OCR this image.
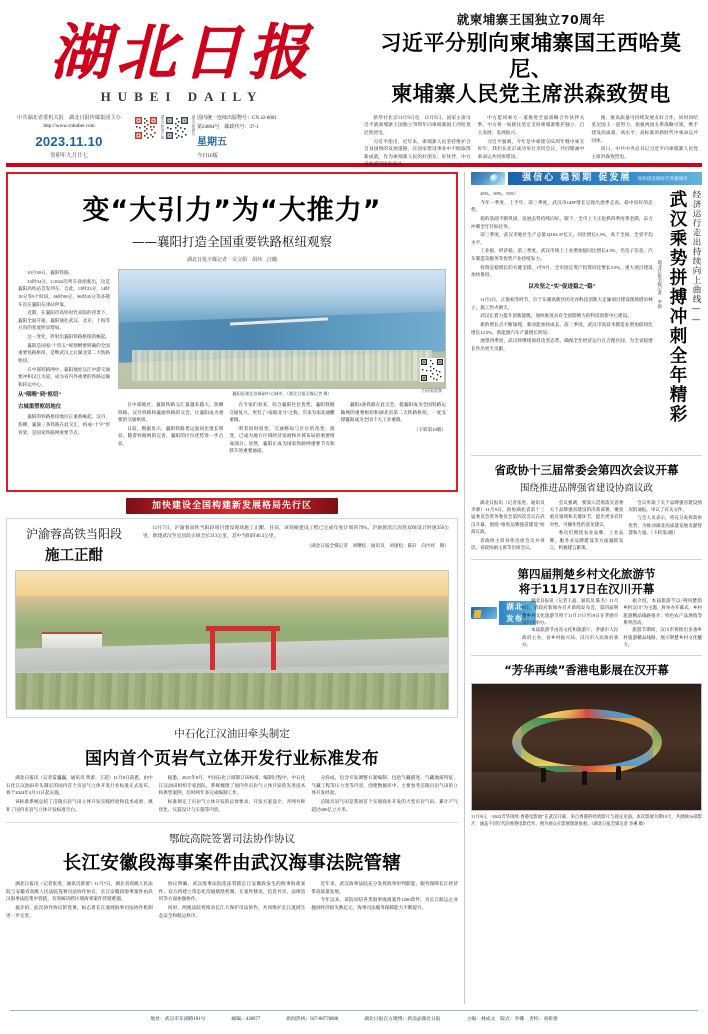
湖北日报
HUBEI DAILY
中共湖北省委机关报　湖北日报传媒集团主办
http://www.cnhubei.com
2023.11.10
癸卯年九月廿七
湖北日报客户端	湖北日报微信 国内统一连续出版物号：CN 42-0001
第24064号　邮政代号：37-1
星期五
今日16版
就柬埔寨王国独立70周年
习近平分别向柬埔寨国王西哈莫尼、
柬埔寨人民党主席洪森致贺电

新华社北京11月9日电　11月9日，国家主席习近平就柬埔寨王国独立70周年向柬埔寨国王西哈莫尼致贺电。

习近平指出，近年来，柬埔寨人民坚持维护合自身国情的发展道路，在国家建设事业中不断取得新成就，作为柬埔寨人民的好朋友、好伙伴，中方对此感到由衷高兴。

中方愿同柬方一道推进全面战略合作伙伴关系，中方将一如既往坚定支持柬埔寨维护独立、自主发展、发展振兴。

习近平强调，今年是中柬建交65周年暨中柬友好年，我们在北京成功举行亲切会议，共同擘画中柬命运共同体建设。

图，推高质量可持续发展友好合作，同时同哈莫尼国王一道努力，加强两国关系战略引领，携手建设高质量、高水平、高标准的新时代中柬命运共同体。

同日，中共中央总书记习近平向柬埔寨人民党主席洪森致贺电。

变“大引力”为“大推力”
——襄阳打造全国重要铁路枢纽观察
湖北日报全媒记者　吴文娟　胡祎　汪璐

10月30日，襄阳铁路。

13时34分，G1042次列车徐徐驶出，这是襄阳高铁站首发列车。自此，13时23分、14时18分等9个时段，06时08分、06时45分等多趟车次在襄阳东津站停靠。

近期，在襄阳市高铁时代来临的背景下，襄阳全面开通，襄阳通往武汉、北京、上海等方向的客流明显增加。

这一变化，折射出襄阳铁路枢纽的崛起。

襄阳是国家“十四五”规划纲要明确的全国重要铁路枢纽，是继武汉之后湖北第二大铁路枢纽。

在中部铁路网中，襄阳地处汉江中游交通要冲和汉江水道，成为省内外重要的铁路运输和转运中心。

从“咽喉”到“枢纽”
古城重塑枢纽地位

襄阳的铁路枢纽地位正重新崛起。汉丹、焦柳、襄渝三条铁路在此交汇，构成“十字”形骨架，是国家铁路网重要节点。

襄阳是湖北省域副中心城市。（湖北日报全媒记者 摄）

在中部地区，襄阳铁路交汇量越来越大。焦柳铁路、汉丹铁路和襄渝铁路的交会，让襄阳成为重要的交通枢纽。

日前，数据显示，襄阳铁路货运量同比增长明显。随着铁路网的完善，襄阳的区位优势进一步凸显。

在专家们看来，综合襄阳区位优势，襄阳铁路交通复兴，更有了“南船北马”之称，历来为南北通衢重镇。

明者因时而变，交通格局与区位的改变、演变，已成为地方区域经济发展和区域布局的重要组成部分。显然，襄阳正成为国家铁路网重要节点和跃升的重要通道。

襄阳3条铁路在此交会，使襄阳成为全国铁路运输网的重要枢纽和湖北省第二大铁路枢纽，一度支撑襄阳成为全国十大工业重镇。

（下转第10版）
扫码看视频
加快建设全国构建新发展格局先行区
沪渝蓉高铁当阳段
施工正酣

11月7日，沪渝蓉高铁当阳段项目建设现场施工正酣。目前，该铁路建设工程已完成年度计划的79%。沪渝蓉沿江高铁双线设计时速350公里，新建武汉至宜昌段正线全长313公里，其中当阳段46.3公里。

（湖北日报全媒记者　刘曙松　通讯员　刘康松　陈轩　向沙祥　摄）
中石化江汉油田牵头制定
国内首个页岩气立体开发行业标准发布

湖北日报讯（记者雷巍巍、通讯员 黄蕾、王超）11月8日获悉，由中石化江汉油田牵头制定的国内首个页岩气立体开发行业标准正式发布，将于2024年4月11日起实施。

该标准系统总结了涪陵页岩气田立体开发实践经验和技术成果，填补了国内页岩气立体开发标准空白。

据悉，2021年8月，中国石化立项制订该标准。编制过程中，中石化江汉油田组织专家团队，系统梳理了国内外页岩气立体开发的先进技术和典型案例，历时两年多完成编制工作。

标准规定了页岩气立体开发的总体要求、开发方案设计、井网井距优化、压裂设计与实施等内容。

分段成，包含开发调整方案编制、包括气藏描述、气藏地质特征、气藏工程等压力变等内容，创建数据库中，主要参考涪陵页岩气田的立体开发经验。

涪陵页岩气田是我国首个实现商业开发的大型页岩气田，累计产气超过600亿立方米。

鄂皖高院签署司法协作协议
长江安徽段海事案件由武汉海事法院管辖

湖北日报讯（记者张进、通讯员蔡蕾）11月7日，湖北省高级人民法院与安徽省高级人民法院签署司法协作协议，长江安徽段海事案件由武汉海事法院集中管辖，有效解决跨区域海事案件管辖难题。

据介绍，此次协作协议的签署，标志着长江流域海事司法协作机制进一步完善。

协议明确，武汉海事法院依法管辖长江安徽段发生的海事海商案件。双方将建立常态化沟通联络机制，在案件移送、信息共享、法律适用等方面加强协作。

同时，两地法院将推动长江大保护司法协作，共同维护长江流域生态安全和航运秩序。

近年来，武汉海事法院充分发挥海事审判职能，服务保障长江经济带高质量发展。

今年以来，该院审结各类海事海商案件1200余件，为长江航运企业挽回经济损失数亿元，海事司法服务保障能力不断提升。

强信心 稳预期 促发展 加快建设新时代英雄城市

45%、50%、55%！

今年一季度、上半年、前三季度，武汉市GDP增长呈现出逐季走高、稳中向好的态势。

稳的基础不断巩固，发展态势持续向好。眼下，全市上下正抢抓四季度黄金期，奋力冲刺全年目标任务。

前三季度，武汉市地区生产总值14163.37亿元，同比增长5.5%，高于全国、全省平均水平。

工业稳，经济稳。前三季度，武汉市规上工业增加值同比增长4.5%，光电子信息、汽车制造及服务等优势产业持续发力。

投资是稳增长的关键支撑。1至9月，全市固定资产投资同比增长3.5%，重大项目建设加快推进。

以攻坚之“实”促进稳之“稳”

11月1日，正值初冬时节，位于东湖高新区的光谷科技创新大走廊项目建设现场塔吊林立，施工热火朝天。

武汉正着力提升创新能级，加快推进具有全国影响力的科技创新中心建设。

新的增长点不断涌现，新动能加快成长。前三季度，武汉市高技术制造业增加值同比增长12.5%，新能源汽车产量增长明显。

展望四季度，武汉将继续保持攻坚态势，确保全年经济运行在合理区间，为全省稳增长作出更大贡献。

湖北日报全媒记者　李源 武汉乘势拼搏冲刺全年精彩 经济运行走出持续向上曲线——
省政协十三届常委会第四次会议开幕
围绕推进品牌强省建设协商议政

湖北日报讯（记者张进、通讯员 李源）11月9日，政协湖北省第十三届委员会常务委员会第四次会议在武汉开幕，围绕“推进品牌强省建设”协商议政。

省政协主席孙伟出席会议并讲话。省政协副主席等出席会议。

会议强调，要深入贯彻落实省委关于品牌强省建设的决策部署，聚焦重点领域和关键环节，提出更多有针对性、可操作性的意见建议。

委员们围绕农业品牌、工业品牌、服务业品牌建设等方面踊跃发言，积极建言献策。

会议听取了关于品牌强省建设情况的通报，审议了有关文件。

与会人员表示，将充分发挥政协优势，为推动湖北高质量发展贡献智慧和力量。（下转第2版）

第四届荆楚乡村文化旅游节
将于11月17日在汉川开幕
湖北发布

湖北日报讯（记者王晶、通讯员 陈杰）11月9日，省政府新闻办召开新闻发布会，第四届荆楚乡村文化旅游节将于11月17日至19日在孝感市汉川市举办。

本届旅游节由省文化和旅游厅、孝感市人民政府主办，省乡村振兴局、汉川市人民政府承办。

据介绍，本届旅游节以“荆风楚韵 乡约汉川”为主题，将举办开幕式、乡村旅游精品线路推介、特色农产品展销等系列活动。

旅游节期间，汉川市将推出多条乡村旅游精品线路，展示荆楚乡村文化魅力。

“芳华再续”香港电影展在汉开幕
11月9日，“2023芳华再续·香港电影展”在武汉开幕，来自香港的经典影片与观众见面。本次影展为期10天，共展映16部影片，涵盖不同年代的香港电影佳作。图为观众在影展现场参观。（湖北日报全媒记者 李溪 摄）
地址：武汉市东湖路181号	邮编：430077	新闻热线：027-88778088	湖北日报官方微博：新浪@湖北日报	主编：林成文　版式：李娜　责校：刘新蕾
